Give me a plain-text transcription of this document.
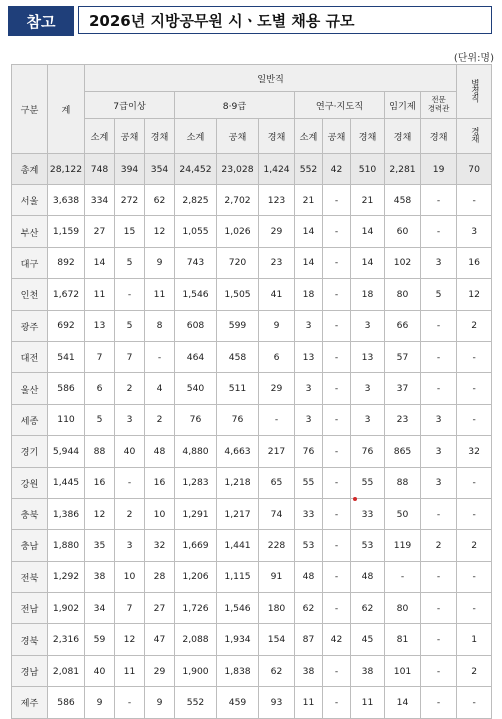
참고	2026년 지방공무원 시ㆍ도별 채용 규모
(단위:명)
구분	계	일반직											별정직
		7급이상			8·9급			연구·지도직			임기제	전문
경력관	
		소계	공채	경채	소계	공채	경채	소계	공채	경채	경채	경채	경채
총계	28,122	748	394	354	24,452	23,028	1,424	552	42	510	2,281	19	70
서울	3,638	334	272	62	2,825	2,702	123	21	-	21	458	-	-
부산	1,159	27	15	12	1,055	1,026	29	14	-	14	60	-	3
대구	892	14	5	9	743	720	23	14	-	14	102	3	16
인천	1,672	11	-	11	1,546	1,505	41	18	-	18	80	5	12
광주	692	13	5	8	608	599	9	3	-	3	66	-	2
대전	541	7	7	-	464	458	6	13	-	13	57	-	-
울산	586	6	2	4	540	511	29	3	-	3	37	-	-
세종	110	5	3	2	76	76	-	3	-	3	23	3	-
경기	5,944	88	40	48	4,880	4,663	217	76	-	76	865	3	32
강원	1,445	16	-	16	1,283	1,218	65	55	-	55	88	3	-
충북	1,386	12	2	10	1,291	1,217	74	33	-	33	50	-	-
충남	1,880	35	3	32	1,669	1,441	228	53	-	53	119	2	2
전북	1,292	38	10	28	1,206	1,115	91	48	-	48	-	-	-
전남	1,902	34	7	27	1,726	1,546	180	62	-	62	80	-	-
경북	2,316	59	12	47	2,088	1,934	154	87	42	45	81	-	1
경남	2,081	40	11	29	1,900	1,838	62	38	-	38	101	-	2
제주	586	9	-	9	552	459	93	11	-	11	14	-	-
